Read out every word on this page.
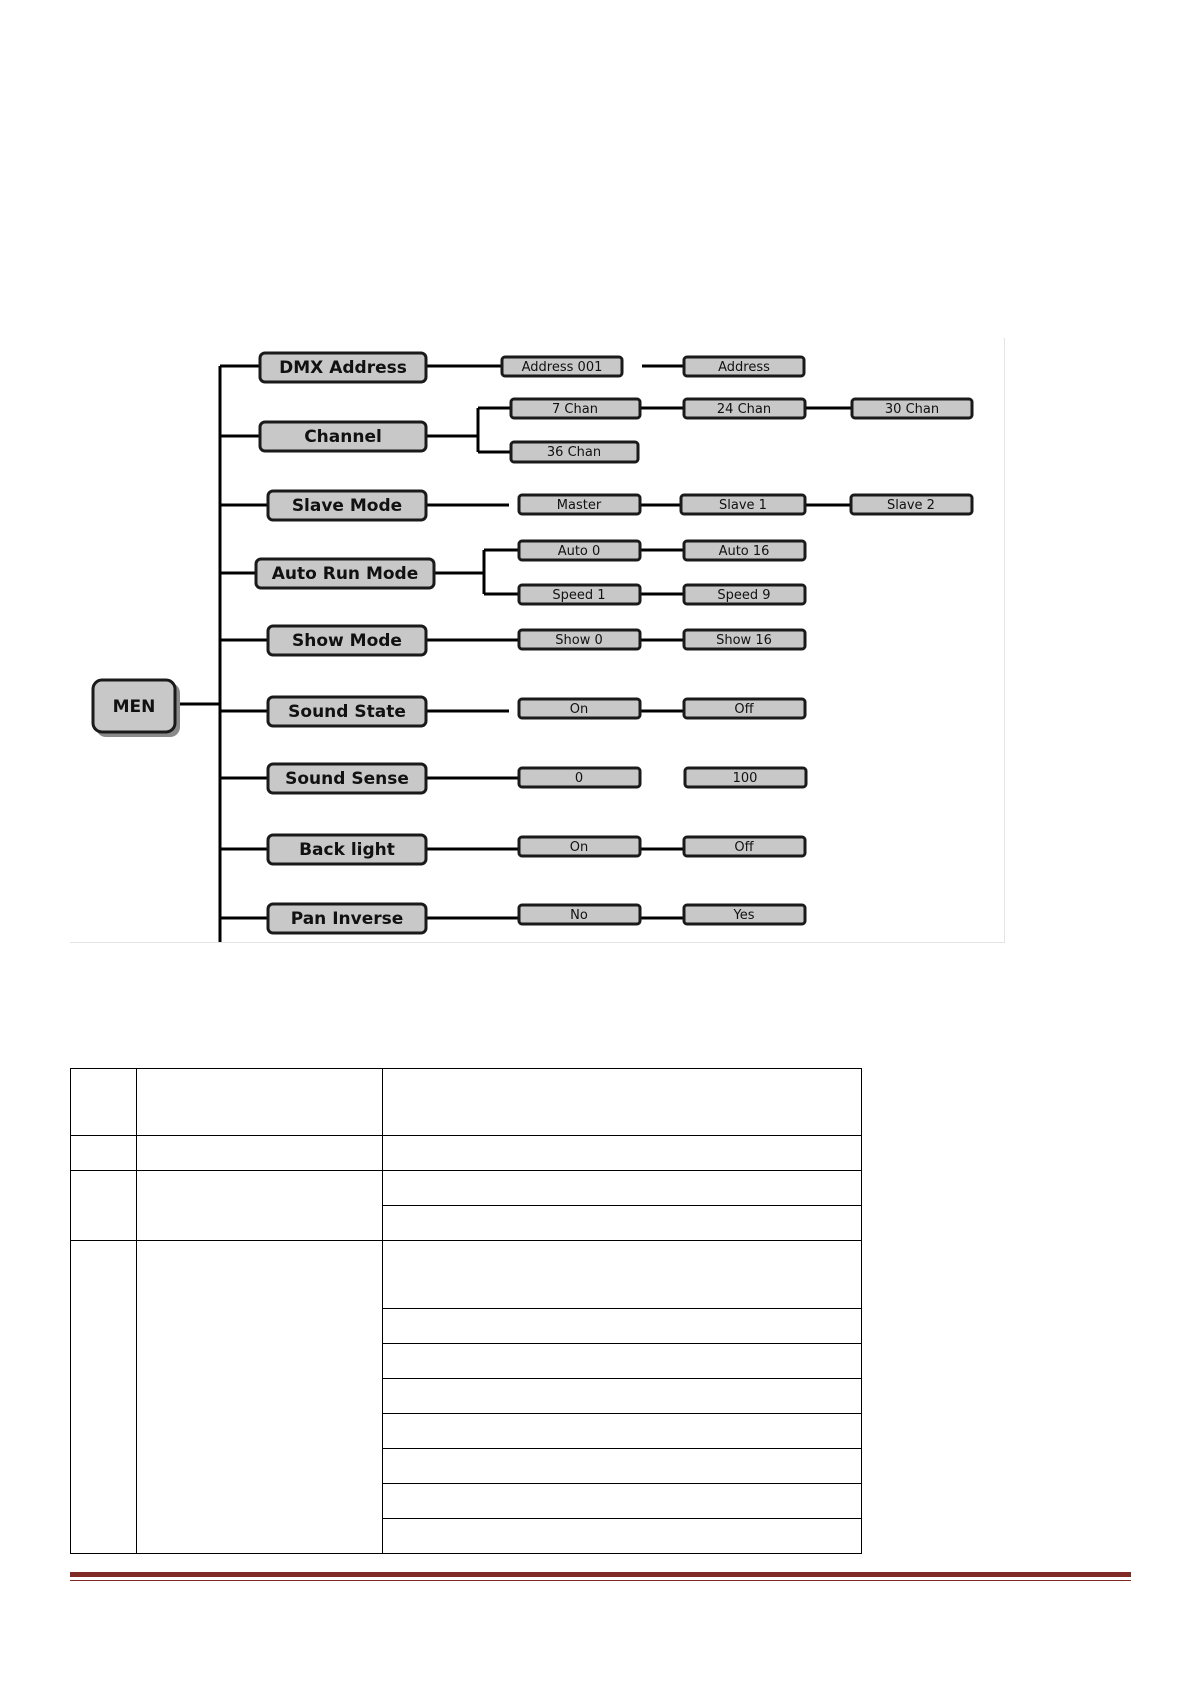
MEN
DMX Address
Channel
Slave Mode
Auto Run Mode
Show Mode
Sound State
Sound Sense
Back light
Pan Inverse
Address 001	Address
7 Chan	24 Chan	30 Chan
36 Chan
Master	Slave 1	Slave 2
Auto 0	Auto 16
Speed 1	Speed 9
Show 0	Show 16
On	Off
0	100
On	Off
No	Yes
